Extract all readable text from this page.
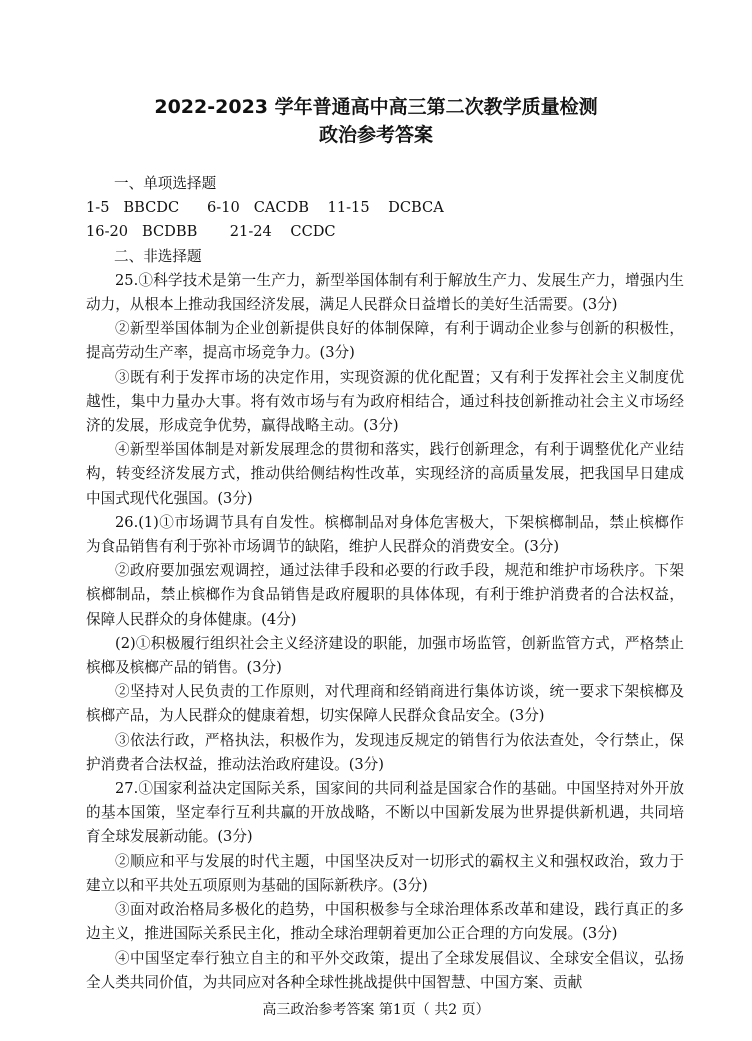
2022-2023 学年普通高中高三第二次教学质量检测
政治参考答案

一、单项选择题

1-5   BBCDC      6-10   CACDB    11-15    DCBCA

16-20   BCDBB       21-24    CCDC

二、非选择题

25.①科学技术是第一生产力，新型举国体制有利于解放生产力、发展生产力，增强内生动力，从根本上推动我国经济发展，满足人民群众日益增长的美好生活需要。(3分)

②新型举国体制为企业创新提供良好的体制保障，有利于调动企业参与创新的积极性，提高劳动生产率，提高市场竞争力。(3分)

③既有利于发挥市场的决定作用，实现资源的优化配置；又有利于发挥社会主义制度优越性，集中力量办大事。将有效市场与有为政府相结合，通过科技创新推动社会主义市场经济的发展，形成竞争优势，赢得战略主动。(3分)

④新型举国体制是对新发展理念的贯彻和落实，践行创新理念，有利于调整优化产业结构，转变经济发展方式，推动供给侧结构性改革，实现经济的高质量发展，把我国早日建成中国式现代化强国。(3分)

26.(1)①市场调节具有自发性。槟榔制品对身体危害极大，下架槟榔制品，禁止槟榔作为食品销售有利于弥补市场调节的缺陷，维护人民群众的消费安全。(3分)

②政府要加强宏观调控，通过法律手段和必要的行政手段，规范和维护市场秩序。下架槟榔制品，禁止槟榔作为食品销售是政府履职的具体体现，有利于维护消费者的合法权益，保障人民群众的身体健康。(4分)

(2)①积极履行组织社会主义经济建设的职能，加强市场监管，创新监管方式，严格禁止槟榔及槟榔产品的销售。(3分)

②坚持对人民负责的工作原则，对代理商和经销商进行集体访谈，统一要求下架槟榔及槟榔产品，为人民群众的健康着想，切实保障人民群众食品安全。(3分)

③依法行政，严格执法，积极作为，发现违反规定的销售行为依法查处，令行禁止，保护消费者合法权益，推动法治政府建设。(3分)

27.①国家利益决定国际关系，国家间的共同利益是国家合作的基础。中国坚持对外开放的基本国策，坚定奉行互利共赢的开放战略，不断以中国新发展为世界提供新机遇，共同培育全球发展新动能。(3分)

②顺应和平与发展的时代主题，中国坚决反对一切形式的霸权主义和强权政治，致力于建立以和平共处五项原则为基础的国际新秩序。(3分)

③面对政治格局多极化的趋势，中国积极参与全球治理体系改革和建设，践行真正的多边主义，推进国际关系民主化，推动全球治理朝着更加公正合理的方向发展。(3分)

④中国坚定奉行独立自主的和平外交政策，提出了全球发展倡议、全球安全倡议，弘扬全人类共同价值，为共同应对各种全球性挑战提供中国智慧、中国方案、贡献

高三政治参考答案 第1页（ 共2 页）
